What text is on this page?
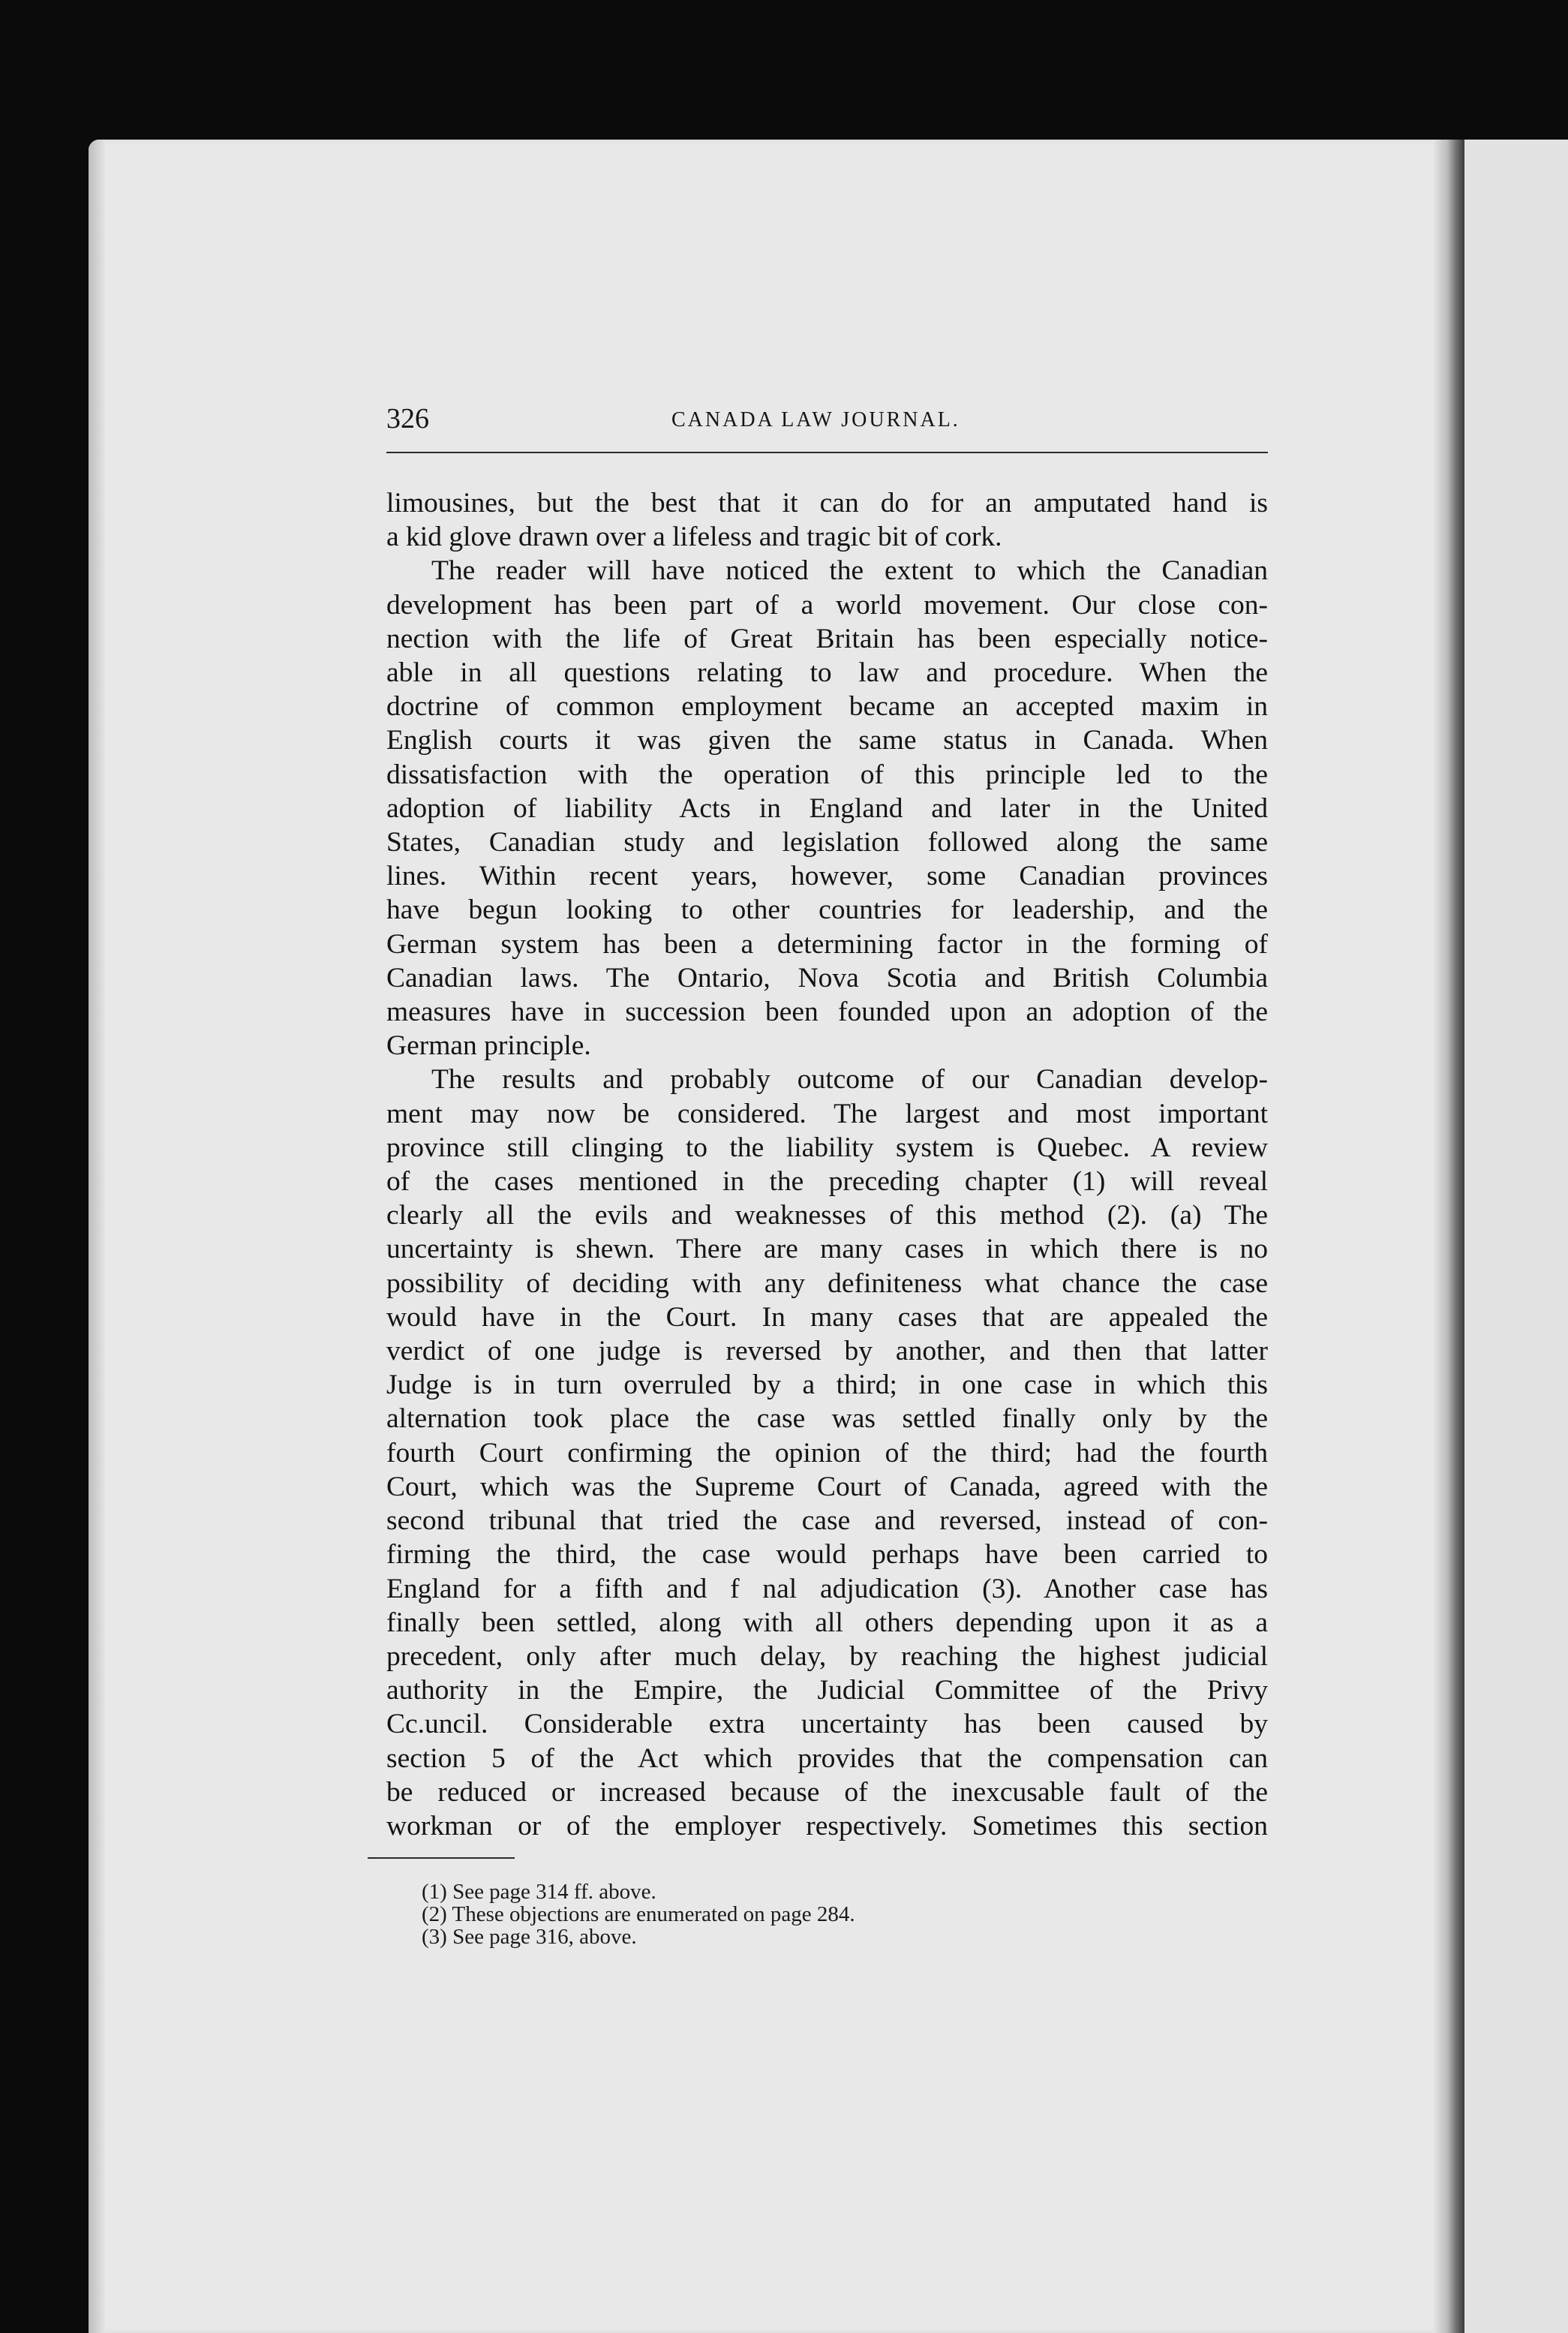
326	CANADA LAW JOURNAL.
limousines, but the best that it can do for an amputated hand is
a kid glove drawn over a lifeless and tragic bit of cork.
The reader will have noticed the extent to which the Canadian
development has been part of a world movement. Our close con-
nection with the life of Great Britain has been especially notice-
able in all questions relating to law and procedure. When the
doctrine of common employment became an accepted maxim in
English courts it was given the same status in Canada. When
dissatisfaction with the operation of this principle led to the
adoption of liability Acts in England and later in the United
States, Canadian study and legislation followed along the same
lines. Within recent years, however, some Canadian provinces
have begun looking to other countries for leadership, and the
German system has been a determining factor in the forming of
Canadian laws. The Ontario, Nova Scotia and British Columbia
measures have in succession been founded upon an adoption of the
German principle.
The results and probably outcome of our Canadian develop-
ment may now be considered. The largest and most important
province still clinging to the liability system is Quebec. A review
of the cases mentioned in the preceding chapter (1) will reveal
clearly all the evils and weaknesses of this method (2). (a) The
uncertainty is shewn. There are many cases in which there is no
possibility of deciding with any definiteness what chance the case
would have in the Court. In many cases that are appealed the
verdict of one judge is reversed by another, and then that latter
Judge is in turn overruled by a third; in one case in which this
alternation took place the case was settled finally only by the
fourth Court confirming the opinion of the third; had the fourth
Court, which was the Supreme Court of Canada, agreed with the
second tribunal that tried the case and reversed, instead of con-
firming the third, the case would perhaps have been carried to
England for a fifth and f nal adjudication (3). Another case has
finally been settled, along with all others depending upon it as a
precedent, only after much delay, by reaching the highest judicial
authority in the Empire, the Judicial Committee of the Privy
Cc.uncil. Considerable extra uncertainty has been caused by
section 5 of the Act which provides that the compensation can
be reduced or increased because of the inexcusable fault of the
workman or of the employer respectively. Sometimes this section
(1) See page 314 ff. above.
(2) These objections are enumerated on page 284.
(3) See page 316, above.
